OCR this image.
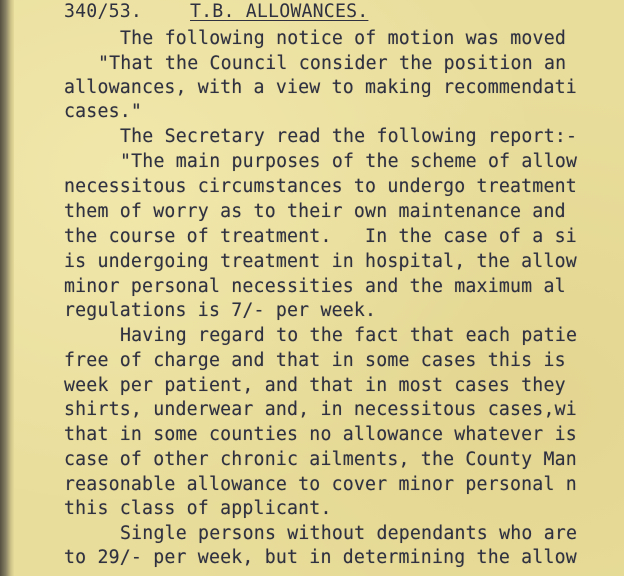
340/53.	T.B. ALLOWANCES.
The following notice of motion was moved
"That the Council consider the position an
allowances, with a view to making recommendati
cases."
The Secretary read the following report:-
"The main purposes of the scheme of allow
necessitous circumstances to undergo treatment
them of worry as to their own maintenance and
the course of treatment.   In the case of a si
is undergoing treatment in hospital, the allow
minor personal necessities and the maximum al
regulations is 7/- per week.
Having regard to the fact that each patie
free of charge and that in some cases this is
week per patient, and that in most cases they
shirts, underwear and, in necessitous cases,wi
that in some counties no allowance whatever is
case of other chronic ailments, the County Man
reasonable allowance to cover minor personal n
this class of applicant.
Single persons without dependants who are
to 29/- per week, but in determining the allow
